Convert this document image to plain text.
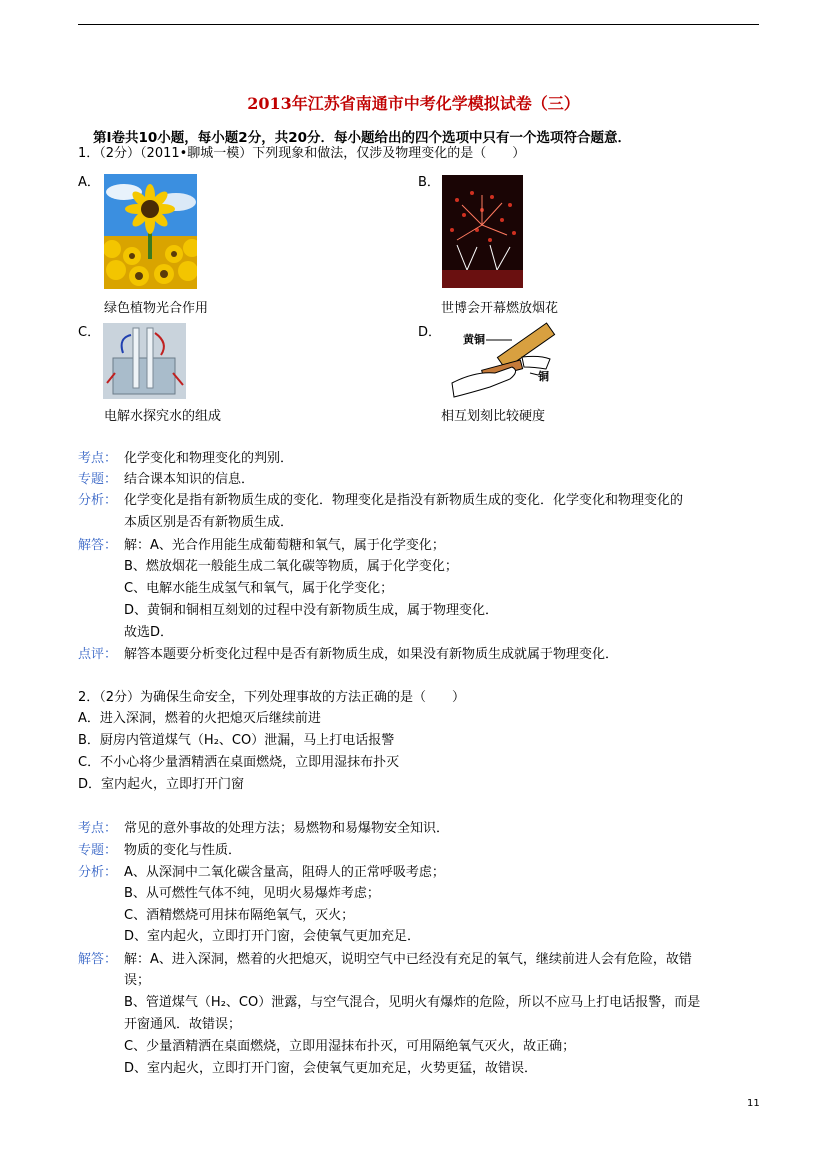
2013年江苏省南通市中考化学模拟试卷（三）
第Ⅰ卷共10小题，每小题2分，共20分．每小题给出的四个选项中只有一个选项符合题意．
1．（2分）（2011•聊城一模）下列现象和做法，仅涉及物理变化的是（　　）
A．
绿色植物光合作用
B．
世博会开幕燃放烟花
C．
电解水探究水的组成
D． 黄铜
铜
相互划刻比较硬度
考点： 化学变化和物理变化的判别．
专题： 结合课本知识的信息．
分析： 化学变化是指有新物质生成的变化．物理变化是指没有新物质生成的变化．化学变化和物理变化的
本质区别是否有新物质生成．
解答： 解：A、光合作用能生成葡萄糖和氧气，属于化学变化；
B、燃放烟花一般能生成二氧化碳等物质，属于化学变化；
C、电解水能生成氢气和氧气，属于化学变化；
D、黄铜和铜相互刻划的过程中没有新物质生成，属于物理变化．
故选D．
点评： 解答本题要分析变化过程中是否有新物质生成，如果没有新物质生成就属于物理变化．
2．（2分）为确保生命安全，下列处理事故的方法正确的是（　　）
A．进入深洞，燃着的火把熄灭后继续前进
B．厨房内管道煤气（H₂、CO）泄漏，马上打电话报警
C．不小心将少量酒精洒在桌面燃烧，立即用湿抹布扑灭
D．室内起火，立即打开门窗
考点： 常见的意外事故的处理方法；易燃物和易爆物安全知识．
专题： 物质的变化与性质．
分析： A、从深洞中二氧化碳含量高，阻碍人的正常呼吸考虑；
B、从可燃性气体不纯，见明火易爆炸考虑；
C、酒精燃烧可用抹布隔绝氧气，灭火；
D、室内起火，立即打开门窗，会使氧气更加充足．
解答： 解：A、进入深洞，燃着的火把熄灭，说明空气中已经没有充足的氧气，继续前进人会有危险，故错
误；
B、管道煤气（H₂、CO）泄露，与空气混合，见明火有爆炸的危险，所以不应马上打电话报警，而是
开窗通风．故错误；
C、少量酒精洒在桌面燃烧，立即用湿抹布扑灭，可用隔绝氧气灭火，故正确；
D、室内起火，立即打开门窗，会使氧气更加充足，火势更猛，故错误．
11
